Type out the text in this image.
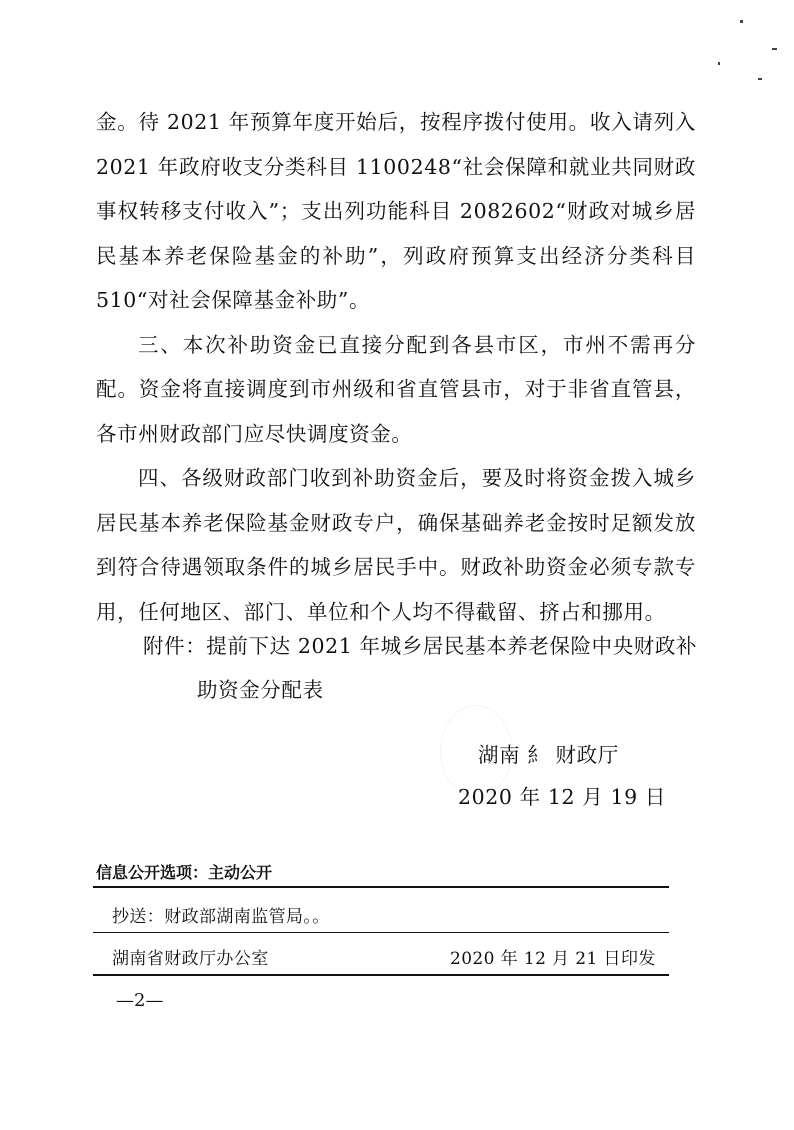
金。待 2021 年预算年度开始后，按程序拨付使用。收入请列入 2021 年政府收支分类科目 1100248“社会保障和就业共同财政事权转移支付收入”；支出列功能科目 2082602“财政对城乡居民基本养老保险基金的补助”，列政府预算支出经济分类科目 510“对社会保障基金补助”。

三、本次补助资金已直接分配到各县市区，市州不需再分配。资金将直接调度到市州级和省直管县市，对于非省直管县，各市州财政部门应尽快调度资金。

四、各级财政部门收到补助资金后，要及时将资金拨入城乡居民基本养老保险基金财政专户，确保基础养老金按时足额发放到符合待遇领取条件的城乡居民手中。财政补助资金必须专款专用，任何地区、部门、单位和个人均不得截留、挤占和挪用。

附件：提前下达 2021 年城乡居民基本养老保险中央财政补
助资金分配表
湖南 ⺯ 财政厅
2020 年 12 月 19 日
信息公开选项：主动公开
抄送：财政部湖南监管局。。
湖南省财政厅办公室	2020 年 12 月 21 日印发
—2—
